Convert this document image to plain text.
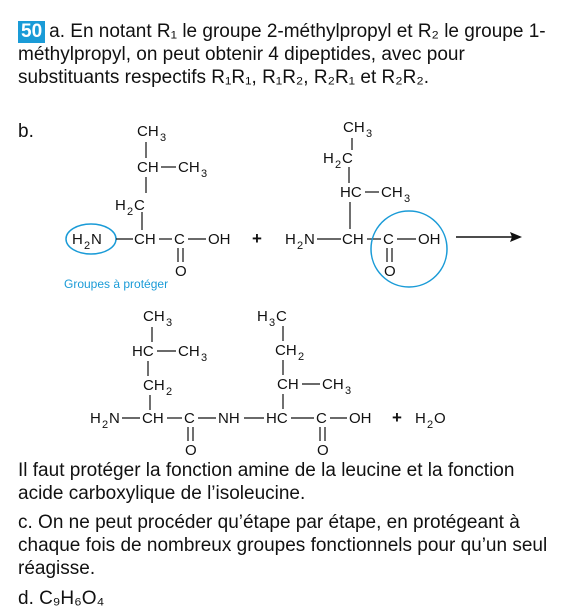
50 a. En notant R₁ le groupe 2-méthylpropyl et R₂ le groupe 1-méthylpropyl, on peut obtenir 4 dipeptides, avec pour substituants respectifs R₁R₁, R₁R₂, R₂R₁ et R₂R₂.
b.	CH 3
CH CH 3
H 2 C
H 2 N CH C OH
O
Groupes à protéger
+
CH 3
H 2 C
HC CH 3
H 2 N CH C OH
O
CH 3
HC CH 3
CH 2
H 3 C
CH 2
CH CH 3
H 2 N CH C
O
NH HC C OH
O
+ H 2 O
Il faut protéger la fonction amine de la leucine et la fonction acide carboxylique de l’isoleucine.
c. On ne peut procéder qu’étape par étape, en protégeant à chaque fois de nombreux groupes fonctionnels pour qu’un seul réagisse.
d. C₉H₆O₄
